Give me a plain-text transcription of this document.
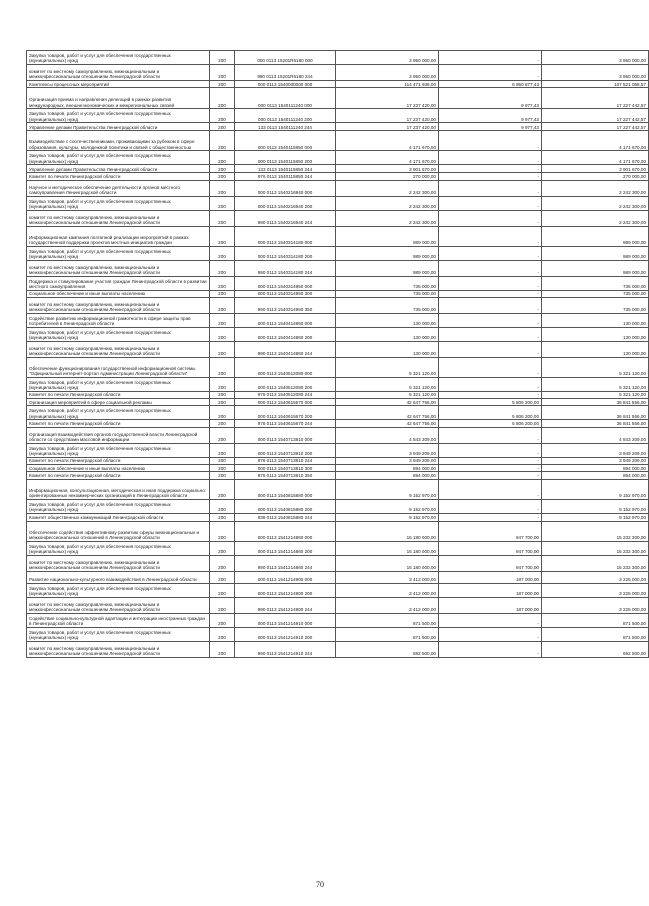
Закупка товаров, работ и услуг для обеспечения государственных (муниципальных) нужд	200	000 0113 15201R5180 000	3 950 000,00	-	3 950 000,00
комитет по местному самоуправлению, межнациональным и межконфессиональным отношениям Ленинградской области	200	990 0113 15201R5180 244	3 950 000,00	-	3 950 000,00
Комплексы процессных мероприятий	200	000 0113 1540000000 000	114 471 936,00	6 950 877,43	107 521 058,57
Организация приема и направления делегаций в рамках развития международных, внешнеэкономических и межрегиональных связей	200	000 0113 1540111240 000	17 237 420,00	9 977,43	17 227 442,57
Закупка товаров, работ и услуг для обеспечения государственных (муниципальных) нужд	200	000 0113 1540111240 200	17 237 420,00	9 977,43	17 227 442,57
Управление делами Правительства Ленинградской области	200	133 0113 1540111240 244	17 237 420,00	9 977,43	17 227 442,57
Взаимодействие с соотечественниками, проживающими за рубежом в сфере образования, культуры, молодежной политики и связей с общественностью	200	000 0113 1540115850 000	4 171 670,00	-	4 171 670,00
Закупка товаров, работ и услуг для обеспечения государственных (муниципальных) нужд	200	000 0113 1540115850 200	4 171 670,00	-	4 171 670,00
Управление делами Правительства Ленинградской области	200	133 0113 1540115850 244	3 901 670,00	-	3 901 670,00
Комитет по печати Ленинградской области	200	976 0113 1540115850 244	270 000,00	-	270 000,00
Научное и методическое обеспечение деятельности органов местного самоуправления Ленинградской области	200	000 0113 1540216940 000	2 242 300,00	-	2 242 300,00
Закупка товаров, работ и услуг для обеспечения государственных (муниципальных) нужд	200	000 0113 1540216940 200	2 242 300,00	-	2 242 300,00
комитет по местному самоуправлению, межнациональным и межконфессиональным отношениям Ленинградской области	200	990 0113 1540216940 244	2 242 300,00	-	2 242 300,00
Информационная кампания поэтапной реализации мероприятий в рамках государственной поддержки проектов местных инициатив граждан	200	000 0113 1540314180 000	989 000,00	-	989 000,00
Закупка товаров, работ и услуг для обеспечения государственных (муниципальных) нужд	200	000 0113 1540314180 200	989 000,00	-	989 000,00
комитет по местному самоуправлению, межнациональным и межконфессиональным отношениям Ленинградской области	200	990 0113 1540314180 244	989 000,00	-	989 000,00
Поддержка и стимулирование участия граждан Ленинградской области в развитии местного самоуправления	200	000 0113 1540314950 000	735 000,00	-	735 000,00
Социальное обеспечение и иные выплаты населению	200	000 0113 1540314950 300	735 000,00	-	735 000,00
комитет по местному самоуправлению, межнациональным и межконфессиональным отношениям Ленинградской области	200	990 0113 1540314950 350	735 000,00	-	735 000,00
Содействие развитию информационной грамотности в сфере защиты прав потребителей в Ленинградской области	200	000 0113 1540414860 000	130 000,00	-	130 000,00
Закупка товаров, работ и услуг для обеспечения государственных (муниципальных) нужд	200	000 0113 1540414860 200	130 000,00	-	130 000,00
комитет по местному самоуправлению, межнациональным и межконфессиональным отношениям Ленинградской области	200	990 0113 1540414860 244	130 000,00	-	130 000,00
Обеспечение функционирования государственной информационной системы "Официальный интернет-портал Администрации Ленинградской области"	200	000 0113 1540512080 000	5 321 120,00	-	5 321 120,00
Закупка товаров, работ и услуг для обеспечения государственных (муниципальных) нужд	200	000 0113 1540512080 200	5 321 120,00	-	5 321 120,00
Комитет по печати Ленинградской области	200	976 0113 1540512080 244	5 321 120,00	-	5 321 120,00
Организация мероприятий в сфере социальной рекламы	200	000 0113 1540615670 000	42 647 756,00	5 806 200,00	36 841 556,00
Закупка товаров, работ и услуг для обеспечения государственных (муниципальных) нужд	200	000 0113 1540615670 200	42 647 756,00	5 806 200,00	36 841 556,00
Комитет по печати Ленинградской области	200	976 0113 1540615670 244	42 647 756,00	5 806 200,00	36 841 556,00
Организация взаимодействия органов государственной власти Ленинградской области со средствами массовой информации	200	000 0113 1540713810 000	4 843 209,00	-	4 843 209,00
Закупка товаров, работ и услуг для обеспечения государственных (муниципальных) нужд	200	000 0113 1540713810 200	3 949 209,00	-	3 949 209,00
Комитет по печати Ленинградской области	200	976 0113 1540713810 244	3 949 209,00	-	3 949 209,00
Социальное обеспечение и иные выплаты населению	200	000 0113 1540713810 300	894 000,00	-	894 000,00
Комитет по печати Ленинградской области	200	976 0113 1540713810 350	894 000,00	-	894 000,00
Информационная, консультационная, методическая и иная поддержка социально ориентированных некоммерческих организаций в Ленинградской области	200	000 0113 1540815880 000	9 152 970,00	-	9 152 970,00
Закупка товаров, работ и услуг для обеспечения государственных (муниципальных) нужд	200	000 0113 1540815880 200	9 152 970,00	-	9 152 970,00
Комитет общественных коммуникаций Ленинградской области	200	938 0113 1540815880 244	9 152 970,00	-	9 152 970,00
Обеспечение содействия эффективному развитию сферы межнациональных и межконфессиональных отношений в Ленинградской области	200	000 0113 1541214860 000	16 180 000,00	947 700,00	15 232 300,00
Закупка товаров, работ и услуг для обеспечения государственных (муниципальных) нужд	200	000 0113 1541214860 200	16 180 000,00	947 700,00	15 232 300,00
комитет по местному самоуправлению, межнациональным и межконфессиональным отношениям Ленинградской области	200	990 0113 1541214860 244	16 180 000,00	947 700,00	15 232 300,00
Развитие национально-культурного взаимодействия в Ленинградской области	200	000 0113 1541214900 000	3 412 000,00	187 000,00	3 225 000,00
Закупка товаров, работ и услуг для обеспечения государственных (муниципальных) нужд	200	000 0113 1541214900 200	3 412 000,00	187 000,00	3 225 000,00
комитет по местному самоуправлению, межнациональным и межконфессиональным отношениям Ленинградской области	200	990 0113 1541214900 244	3 412 000,00	187 000,00	3 225 000,00
Содействие социально-культурной адаптации и интеграции иностранных граждан в Ленинградской области	200	000 0113 1541214910 000	871 500,00	-	871 500,00
Закупка товаров, работ и услуг для обеспечения государственных (муниципальных) нужд	200	000 0113 1541214910 200	871 500,00	-	871 500,00
комитет по местному самоуправлению, межнациональным и межконфессиональным отношениям Ленинградской области	200	990 0113 1541214910 244	692 500,00	-	692 500,00
70
